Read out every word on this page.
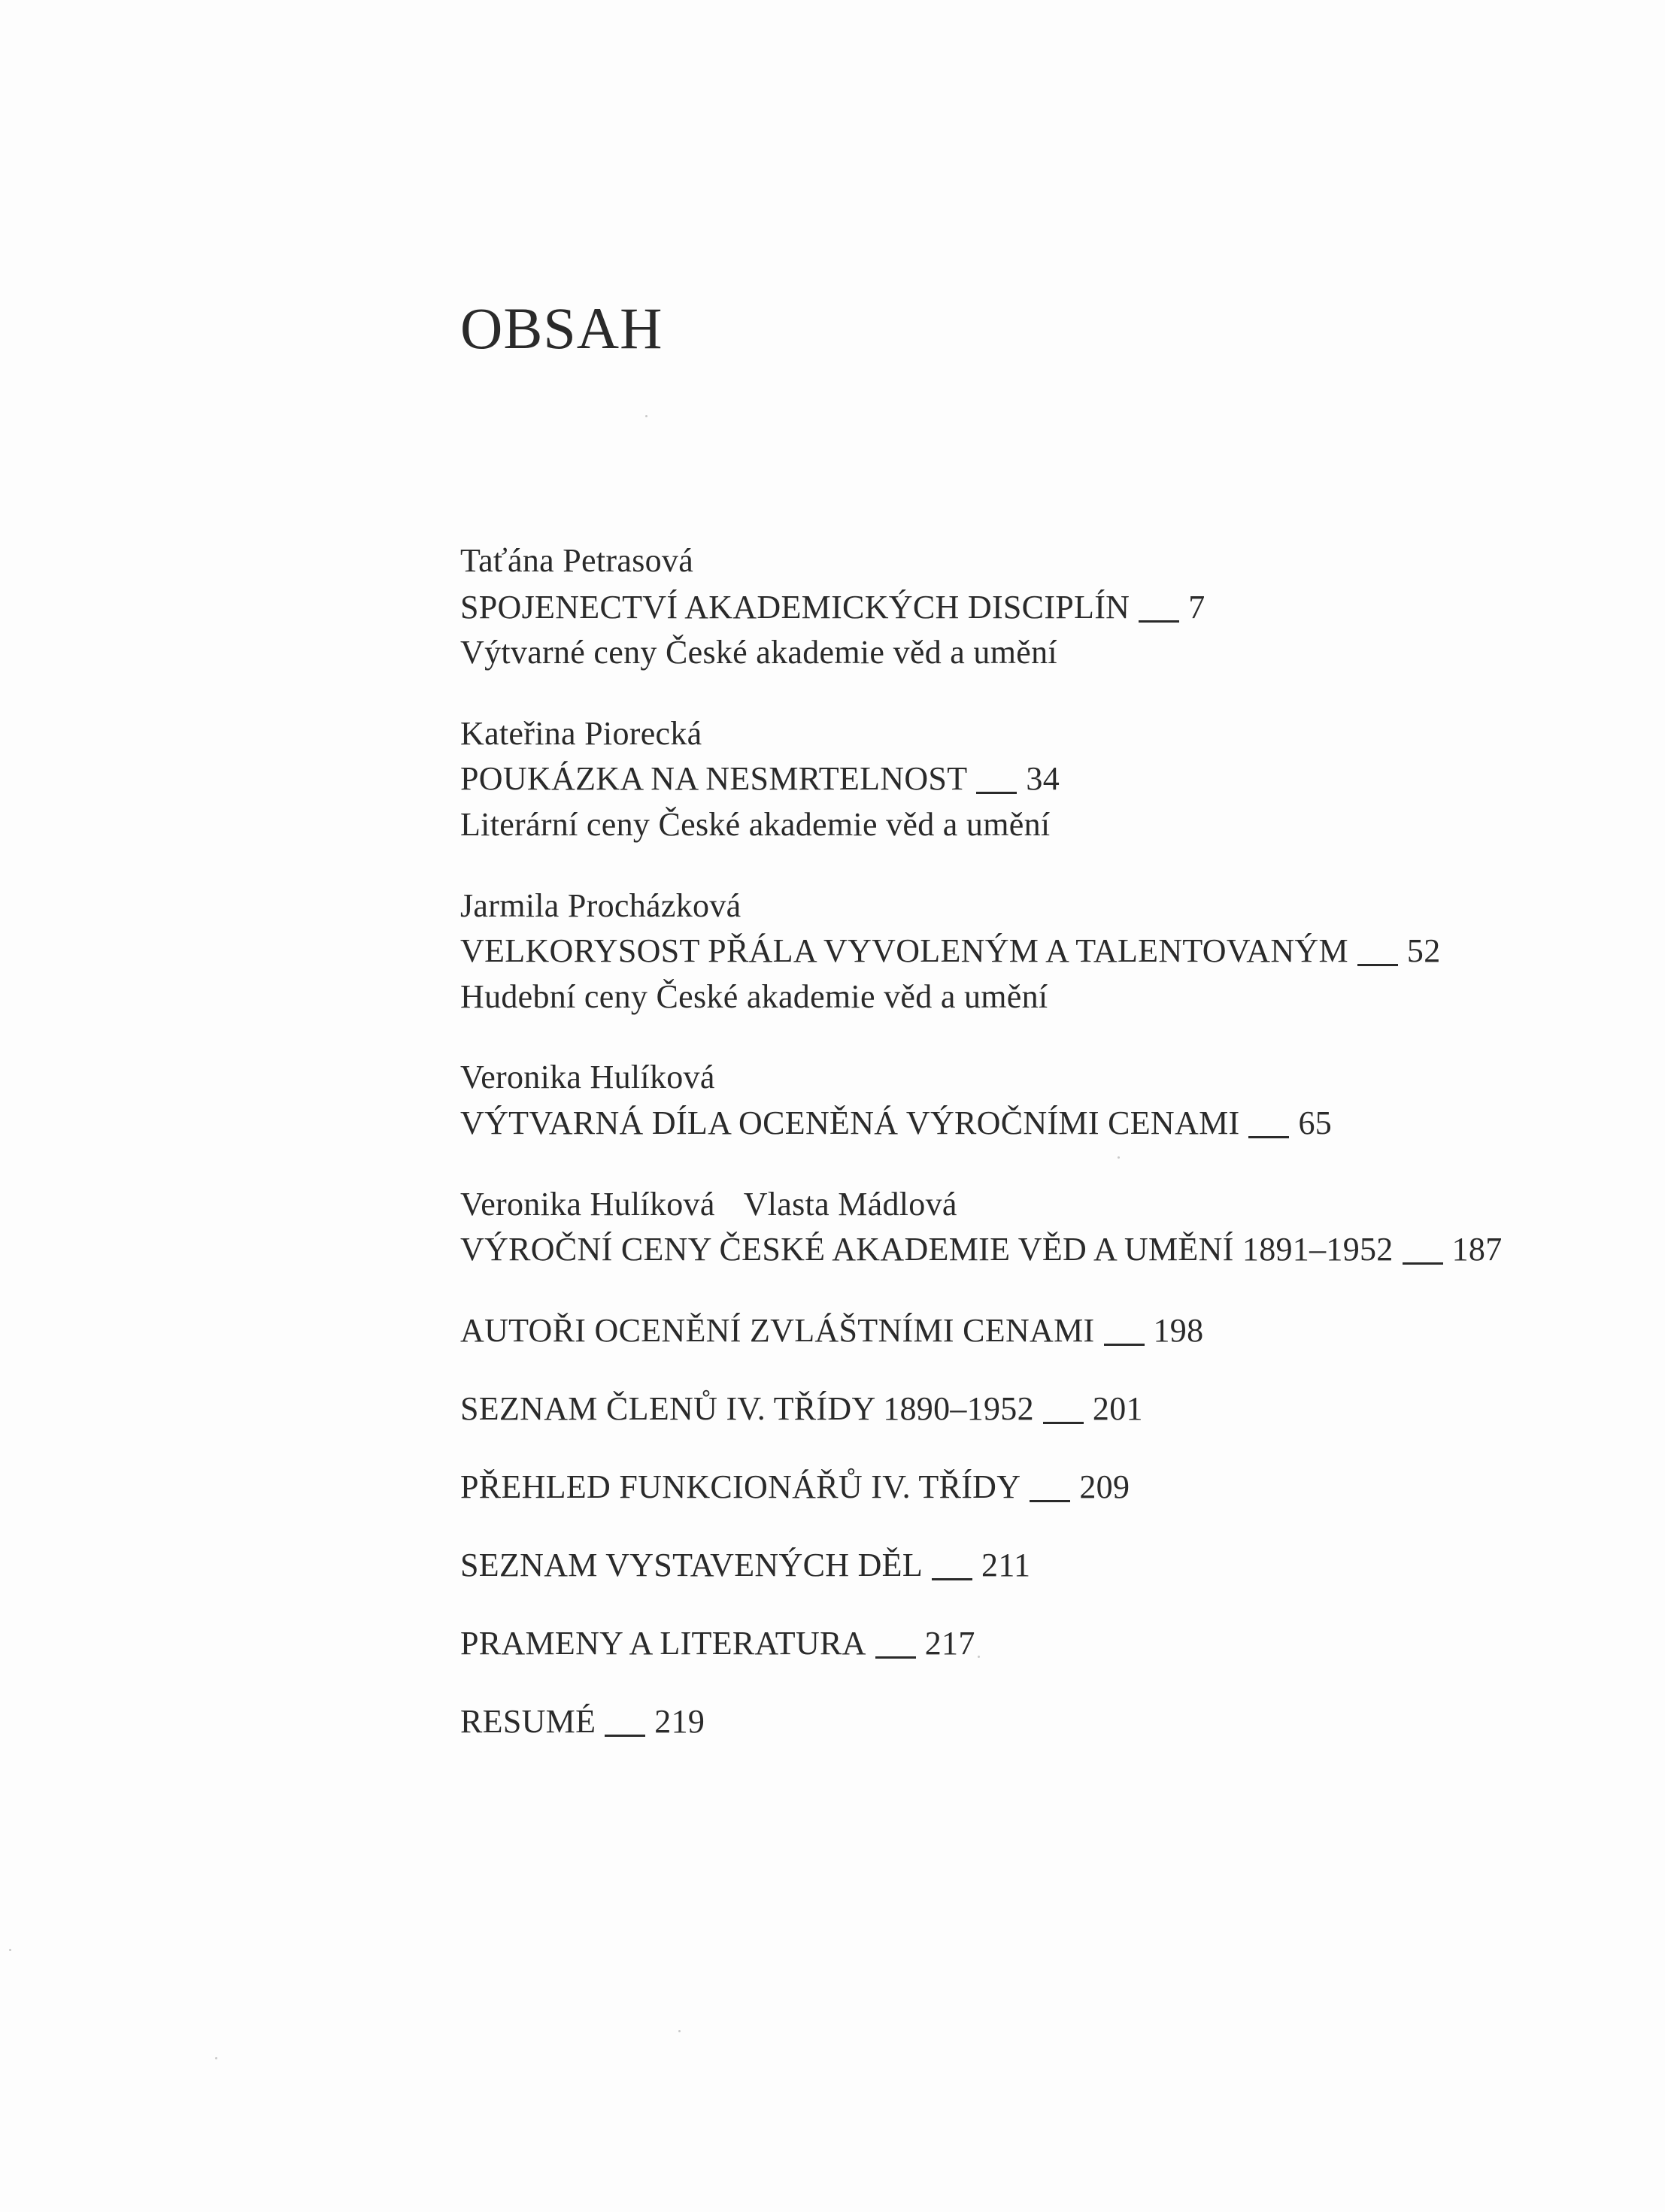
OBSAH
Taťána Petrasová
SPOJENECTVÍ AKADEMICKÝCH DISCIPLÍN 7
Výtvarné ceny České akademie věd a umění
Kateřina Piorecká
POUKÁZKA NA NESMRTELNOST 34
Literární ceny České akademie věd a umění
Jarmila Procházková
VELKORYSOST PŘÁLA VYVOLENÝM A TALENTOVANÝM 52
Hudební ceny České akademie věd a umění
Veronika Hulíková
VÝTVARNÁ DÍLA OCENĚNÁ VÝROČNÍMI CENAMI 65
Veronika Hulíková Vlasta Mádlová
VÝROČNÍ CENY ČESKÉ AKADEMIE VĚD A UMĚNÍ 1891–1952 187
AUTOŘI OCENĚNÍ ZVLÁŠTNÍMI CENAMI 198
SEZNAM ČLENŮ IV. TŘÍDY 1890–1952 201
PŘEHLED FUNKCIONÁŘŮ IV. TŘÍDY 209
SEZNAM VYSTAVENÝCH DĚL 211
PRAMENY A LITERATURA 217
RESUMÉ 219
